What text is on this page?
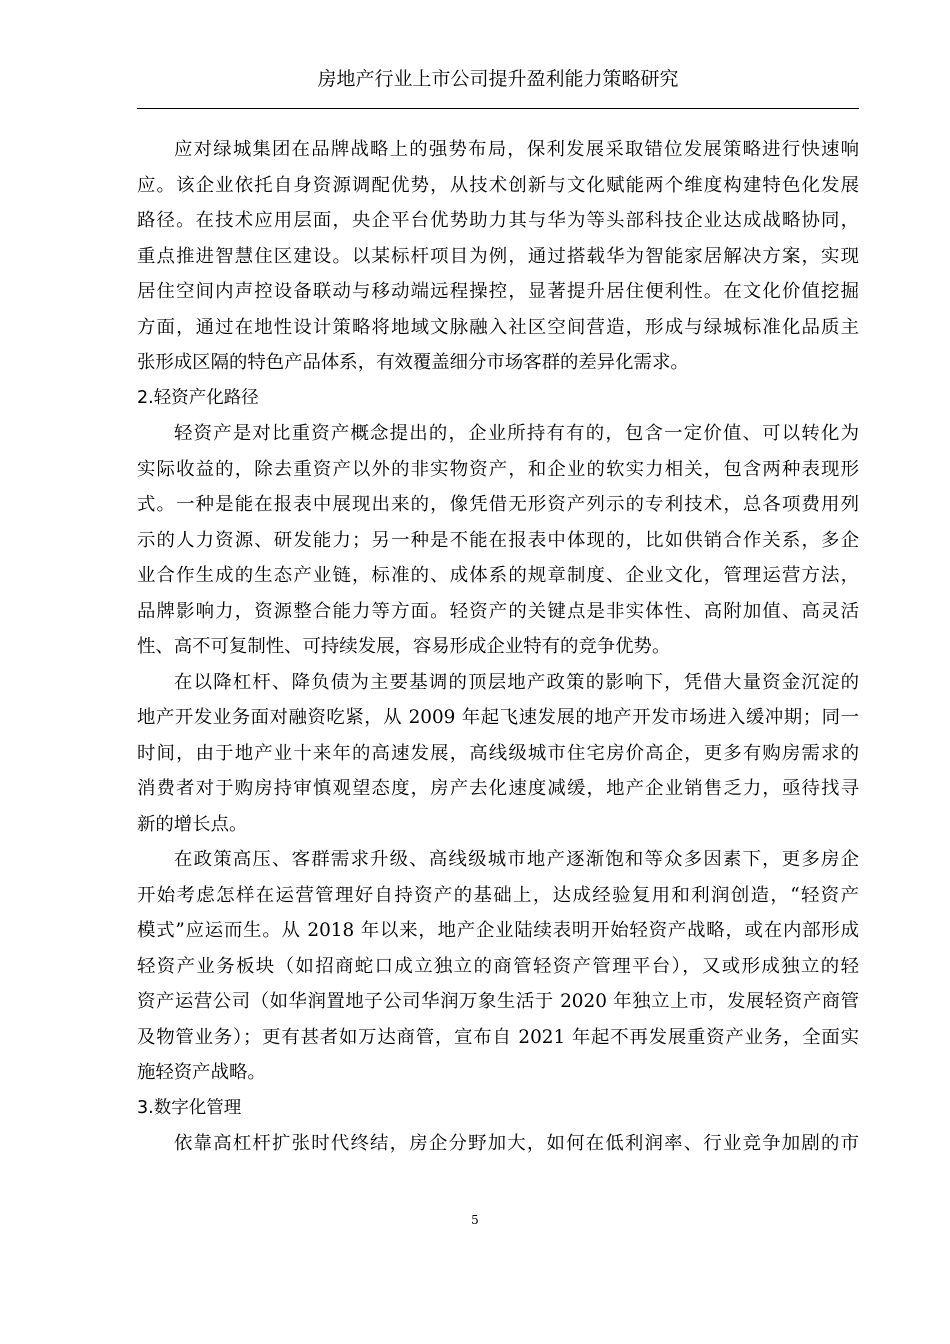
房地产行业上市公司提升盈利能力策略研究
应对绿城集团在品牌战略上的强势布局，保利发展采取错位发展策略进行快速响
应。该企业依托自身资源调配优势，从技术创新与文化赋能两个维度构建特色化发展
路径。在技术应用层面，央企平台优势助力其与华为等头部科技企业达成战略协同，
重点推进智慧住区建设。以某标杆项目为例，通过搭载华为智能家居解决方案，实现
居住空间内声控设备联动与移动端远程操控，显著提升居住便利性。在文化价值挖掘
方面，通过在地性设计策略将地域文脉融入社区空间营造，形成与绿城标准化品质主
张形成区隔的特色产品体系，有效覆盖细分市场客群的差异化需求。
2.轻资产化路径
轻资产是对比重资产概念提出的，企业所持有有的，包含一定价值、可以转化为
实际收益的，除去重资产以外的非实物资产，和企业的软实力相关，包含两种表现形
式。一种是能在报表中展现出来的，像凭借无形资产列示的专利技术，总各项费用列
示的人力资源、研发能力；另一种是不能在报表中体现的，比如供销合作关系，多企
业合作生成的生态产业链，标准的、成体系的规章制度、企业文化，管理运营方法，
品牌影响力，资源整合能力等方面。轻资产的关键点是非实体性、高附加值、高灵活
性、高不可复制性、可持续发展，容易形成企业特有的竞争优势。
在以降杠杆、降负债为主要基调的顶层地产政策的影响下，凭借大量资金沉淀的
地产开发业务面对融资吃紧，从 2009 年起飞速发展的地产开发市场进入缓冲期；同一
时间，由于地产业十来年的高速发展，高线级城市住宅房价高企，更多有购房需求的
消费者对于购房持审慎观望态度，房产去化速度减缓，地产企业销售乏力，亟待找寻
新的增长点。
在政策高压、客群需求升级、高线级城市地产逐渐饱和等众多因素下，更多房企
开始考虑怎样在运营管理好自持资产的基础上，达成经验复用和利润创造，“轻资产
模式”应运而生。从 2018 年以来，地产企业陆续表明开始轻资产战略，或在内部形成
轻资产业务板块（如招商蛇口成立独立的商管轻资产管理平台），又或形成独立的轻
资产运营公司（如华润置地子公司华润万象生活于 2020 年独立上市，发展轻资产商管
及物管业务）；更有甚者如万达商管，宣布自 2021 年起不再发展重资产业务，全面实
施轻资产战略。
3.数字化管理
依靠高杠杆扩张时代终结，房企分野加大，如何在低利润率、行业竞争加剧的市
5
